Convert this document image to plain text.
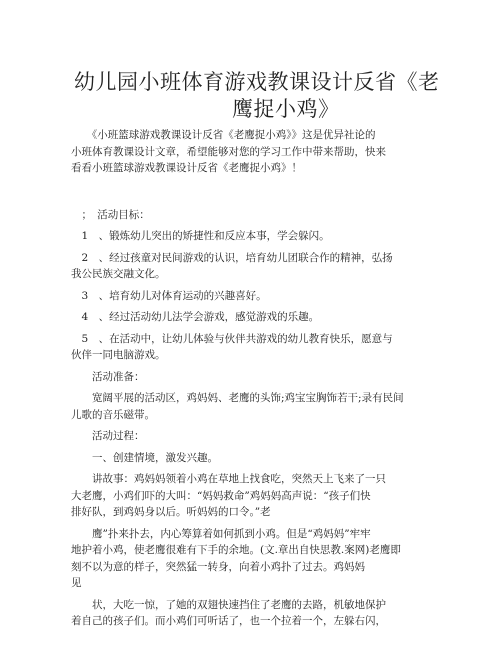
幼儿园小班体育游戏教课设计反省《老
鹰捉小鸡》
　　《小班篮球游戏教课设计反省《老鹰捉小鸡》》这是优异社论的
小班体育教课设计文章，希望能够对您的学习工作中带来帮助，快来
看看小班篮球游戏教课设计反省《老鹰捉小鸡》！
　；　活动目标：
　1　、锻炼幼儿突出的矫捷性和反应本事，学会躲闪。
　2　、经过孩童对民间游戏的认识，培育幼儿团联合作的精神，弘扬
我公民族交融文化。
　3　、培育幼儿对体育运动的兴趣喜好。
　4　、经过活动幼儿法学会游戏，感觉游戏的乐趣。
　5　、在活动中，让幼儿体验与伙伴共游戏的幼儿教育快乐，愿意与
伙伴一同电脑游戏。
　　活动准备：
　　宽阔平展的活动区，鸡妈妈、老鹰的头饰;鸡宝宝胸饰若干;录有民间
儿歌的音乐磁带。
　　活动过程：
　　一、创建情境，激发兴趣。
　　讲故事：鸡妈妈领着小鸡在草地上找食吃，突然天上飞来了一只
大老鹰，小鸡们吓的大叫：“妈妈救命”鸡妈妈高声说：“孩子们快
排好队，到鸡妈身以后。听妈妈的口令。”老
　　鹰”扑来扑去，内心筹算着如何抓到小鸡。但是“鸡妈妈”牢牢
地护着小鸡，使老鹰很难有下手的余地。(文.章出自快思教.案网)老鹰即
刻不以为意的样子，突然猛一转身，向着小鸡扑了过去。鸡妈妈
见
　　状，大吃一惊，了她的双翅快速挡住了老鹰的去路，机敏地保护
着自己的孩子们。而小鸡们可听话了，也一个拉着一个，左躲右闪，
